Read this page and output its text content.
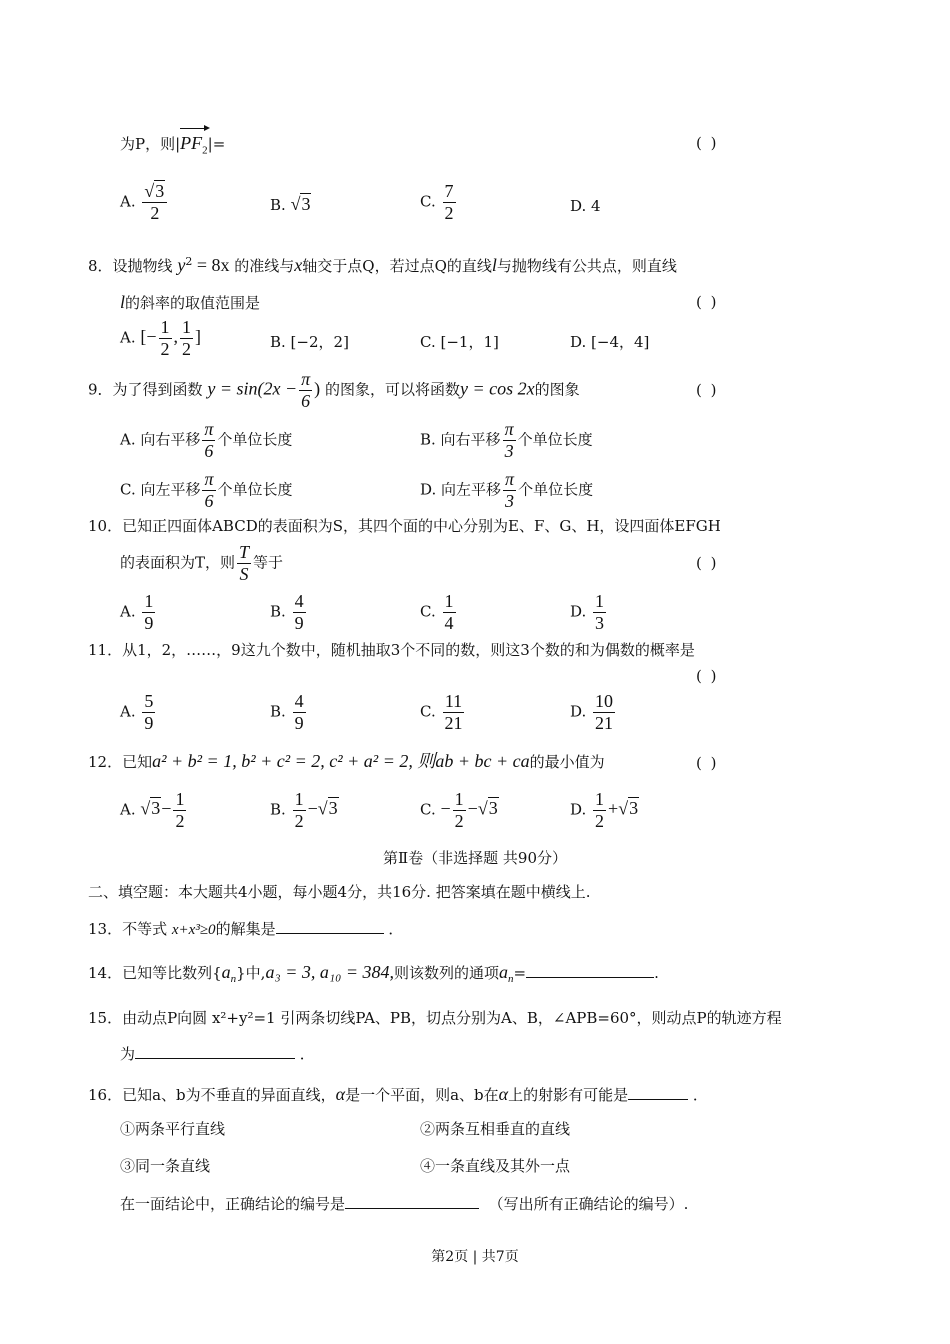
为P，则|
$PF_2|=$	( )
A. $\frac{√3}{2}$	B. √3	C. $\frac{7}{2}$	D. 4
8．设抛物线 $y^2 = 8x$ 的准线与x轴交于点Q，若过点Q的直线l与抛物线有公共点，则直线
l的斜率的取值范围是	( )
A. [− $\frac{1}{2}$ , $\frac{1}{2}$ ]	B. [−2，2]	C. [−1，1]	D. [−4，4]
9．为了得到函数 $y = \sin(2x - \frac{\pi}{6}$ ) 的图象，可以将函数y = cos 2x的图象	( )
A. 向右平移 $\frac{\pi}{6}$ 个单位长度	B. 向右平移 $\frac{\pi}{3}$ 个单位长度
C. 向左平移 $\frac{\pi}{6}$ 个单位长度	D. 向左平移 $\frac{\pi}{3}$ 个单位长度
10．已知正四面体ABCD的表面积为S，其四个面的中心分别为E、F、G、H，设四面体EFGH
的表面积为T，则 $\frac{T}{S}$ 等于	( )
A. $\frac{1}{9}$	B. $\frac{4}{9}$	C. $\frac{1}{4}$	D. $\frac{1}{3}$
11．从1，2，……，9这九个数中，随机抽取3个不同的数，则这3个数的和为偶数的概率是
( )
A. $\frac{5}{9}$	B. $\frac{4}{9}$	C. $\frac{11}{21}$	D. $\frac{10}{21}$
12．已知a² + b² = 1, b² + c² = 2, c² + a² = 2, 则ab + bc + ca的最小值为	( )
A. $√3- \frac{1}{2}$	B. $\frac{1}{2} -√3$	C. − $\frac{1}{2} -√3$	D. $\frac{1}{2} +√3$
第Ⅱ卷（非选择题 共90分）
二、填空题：本大题共4小题，每小题4分，共16分. 把答案填在题中横线上.
13．不等式 x+x³≥0的解集是	．
14．已知等比数列$\{a_n\}$中,a₃ = 3, a₁₀ = 384,则该数列的通项$a_n=$	.
15．由动点P向圆 x²+y²=1 引两条切线PA、PB，切点分别为A、B，∠APB=60°，则动点P的轨迹方程
为	．
16．已知a、b为不垂直的异面直线，α是一个平面，则a、b在α上的射影有可能是	．
①两条平行直线	②两条互相垂直的直线
③同一条直线	④一条直线及其外一点
在一面结论中，正确结论的编号是	（写出所有正确结论的编号）.
第2页 | 共7页
